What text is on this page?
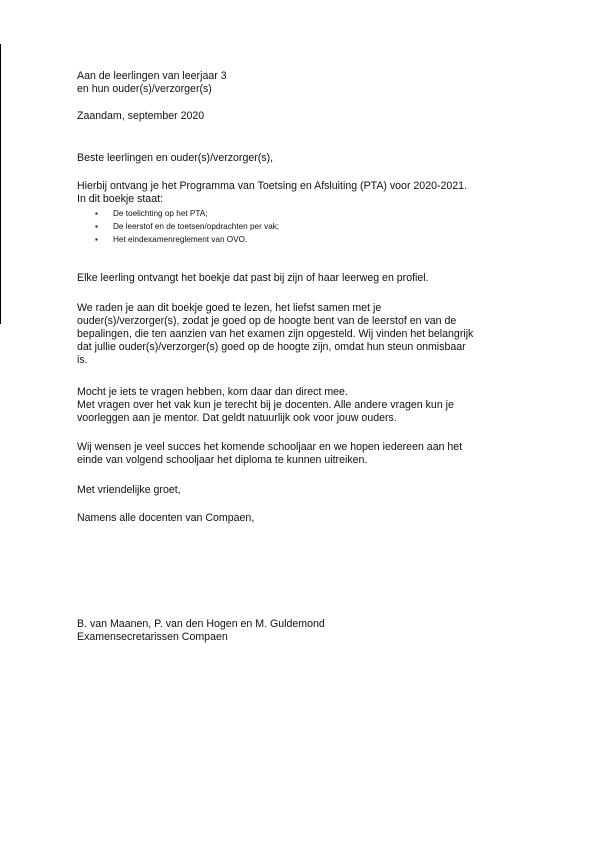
Aan de leerlingen van leerjaar 3
en hun ouder(s)/verzorger(s)
Zaandam, september 2020
Beste leerlingen en ouder(s)/verzorger(s),
Hierbij ontvang je het Programma van Toetsing en Afsluiting (PTA) voor 2020-2021.
In dit boekje staat:
▪ De toelichting op het PTA;
▪ De leerstof en de toetsen/opdrachten per vak;
▪ Het eindexamenreglement van OVO.
Elke leerling ontvangt het boekje dat past bij zijn of haar leerweg en profiel.
We raden je aan dit boekje goed te lezen, het liefst samen met je
ouder(s)/verzorger(s), zodat je goed op de hoogte bent van de leerstof en van de
bepalingen, die ten aanzien van het examen zijn opgesteld. Wij vinden het belangrijk
dat jullie ouder(s)/verzorger(s) goed op de hoogte zijn, omdat hun steun onmisbaar
is.
Mocht je iets te vragen hebben, kom daar dan direct mee.
Met vragen over het vak kun je terecht bij je docenten. Alle andere vragen kun je
voorleggen aan je mentor. Dat geldt natuurlijk ook voor jouw ouders.
Wij wensen je veel succes het komende schooljaar en we hopen iedereen aan het
einde van volgend schooljaar het diploma te kunnen uitreiken.
Met vriendelijke groet,
Namens alle docenten van Compaen,
B. van Maanen, P. van den Hogen en M. Guldemond
Examensecretarissen Compaen
